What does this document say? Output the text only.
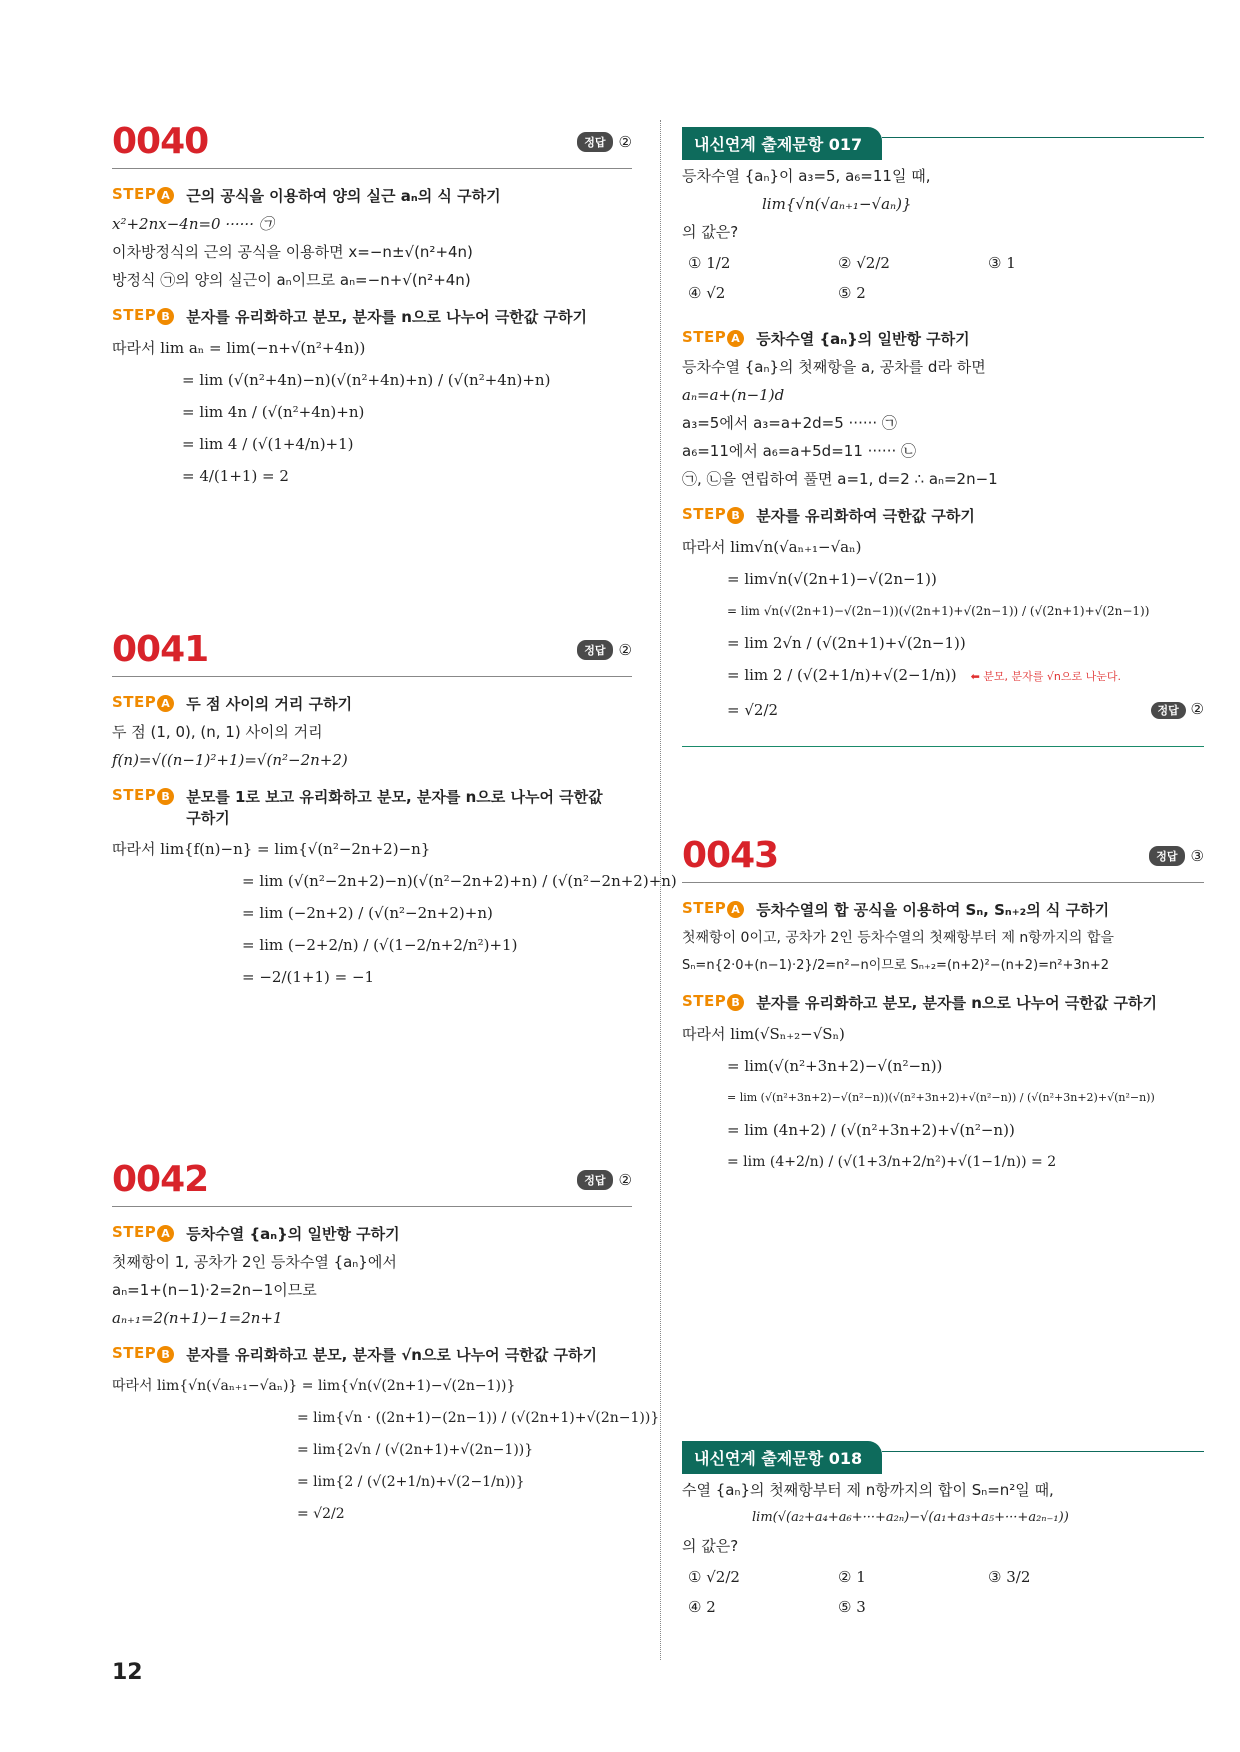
0040	정답 ②
STEP A 근의 공식을 이용하여 양의 실근 aₙ의 식 구하기
x²+2nx−4n=0 ······ ㉠
이차방정식의 근의 공식을 이용하면 x=−n±√(n²+4n)
방정식 ㉠의 양의 실근이 aₙ이므로 aₙ=−n+√(n²+4n)
STEP B 분자를 유리화하고 분모, 분자를 n으로 나누어 극한값 구하기
따라서 lim aₙ = lim(−n+√(n²+4n))
= lim (√(n²+4n)−n)(√(n²+4n)+n) / (√(n²+4n)+n)
= lim 4n / (√(n²+4n)+n)
= lim 4 / (√(1+4/n)+1)
= 4/(1+1) = 2
0041	정답 ②
STEP A 두 점 사이의 거리 구하기
두 점 (1, 0), (n, 1) 사이의 거리
f(n)=√((n−1)²+1)=√(n²−2n+2)
STEP B 분모를 1로 보고 유리화하고 분모, 분자를 n으로 나누어 극한값 구하기
따라서 lim{f(n)−n} = lim{√(n²−2n+2)−n}
= lim (√(n²−2n+2)−n)(√(n²−2n+2)+n) / (√(n²−2n+2)+n)
= lim (−2n+2) / (√(n²−2n+2)+n)
= lim (−2+2/n) / (√(1−2/n+2/n²)+1)
= −2/(1+1) = −1
0042	정답 ②
STEP A 등차수열 {aₙ}의 일반항 구하기
첫째항이 1, 공차가 2인 등차수열 {aₙ}에서
aₙ=1+(n−1)·2=2n−1이므로
aₙ₊₁=2(n+1)−1=2n+1
STEP B 분자를 유리화하고 분모, 분자를 √n으로 나누어 극한값 구하기
따라서 lim{√n(√aₙ₊₁−√aₙ)} = lim{√n(√(2n+1)−√(2n−1))}
= lim{√n · ((2n+1)−(2n−1)) / (√(2n+1)+√(2n−1))}
= lim{2√n / (√(2n+1)+√(2n−1))}
= lim{2 / (√(2+1/n)+√(2−1/n))}
= √2/2
내신연계 출제문항 017
등차수열 {aₙ}이 a₃=5, a₆=11일 때,
lim{√n(√aₙ₊₁−√aₙ)}
의 값은?
① 1/2	② √2/2	③ 1
④ √2	⑤ 2
STEP A 등차수열 {aₙ}의 일반항 구하기
등차수열 {aₙ}의 첫째항을 a, 공차를 d라 하면
aₙ=a+(n−1)d
a₃=5에서 a₃=a+2d=5 ······ ㉠
a₆=11에서 a₆=a+5d=11 ······ ㉡
㉠, ㉡을 연립하여 풀면 a=1, d=2 ∴ aₙ=2n−1
STEP B 분자를 유리화하여 극한값 구하기
따라서 lim√n(√aₙ₊₁−√aₙ)
= lim√n(√(2n+1)−√(2n−1))
= lim √n(√(2n+1)−√(2n−1))(√(2n+1)+√(2n−1)) / (√(2n+1)+√(2n−1))
= lim 2√n / (√(2n+1)+√(2n−1))
= lim 2 / (√(2+1/n)+√(2−1/n)) ⬅ 분모, 분자를 √n으로 나눈다.
= √2/2	정답 ②
0043	정답 ③
STEP A 등차수열의 합 공식을 이용하여 Sₙ, Sₙ₊₂의 식 구하기
첫째항이 0이고, 공차가 2인 등차수열의 첫째항부터 제 n항까지의 합을
Sₙ=n{2·0+(n−1)·2}/2=n²−n이므로 Sₙ₊₂=(n+2)²−(n+2)=n²+3n+2
STEP B 분자를 유리화하고 분모, 분자를 n으로 나누어 극한값 구하기
따라서 lim(√Sₙ₊₂−√Sₙ)
= lim(√(n²+3n+2)−√(n²−n))
= lim (√(n²+3n+2)−√(n²−n))(√(n²+3n+2)+√(n²−n)) / (√(n²+3n+2)+√(n²−n))
= lim (4n+2) / (√(n²+3n+2)+√(n²−n))
= lim (4+2/n) / (√(1+3/n+2/n²)+√(1−1/n)) = 2
내신연계 출제문항 018
수열 {aₙ}의 첫째항부터 제 n항까지의 합이 Sₙ=n²일 때,
lim(√(a₂+a₄+a₆+···+a₂ₙ)−√(a₁+a₃+a₅+···+a₂ₙ₋₁))
의 값은?
① √2/2	② 1	③ 3/2
④ 2	⑤ 3
12
